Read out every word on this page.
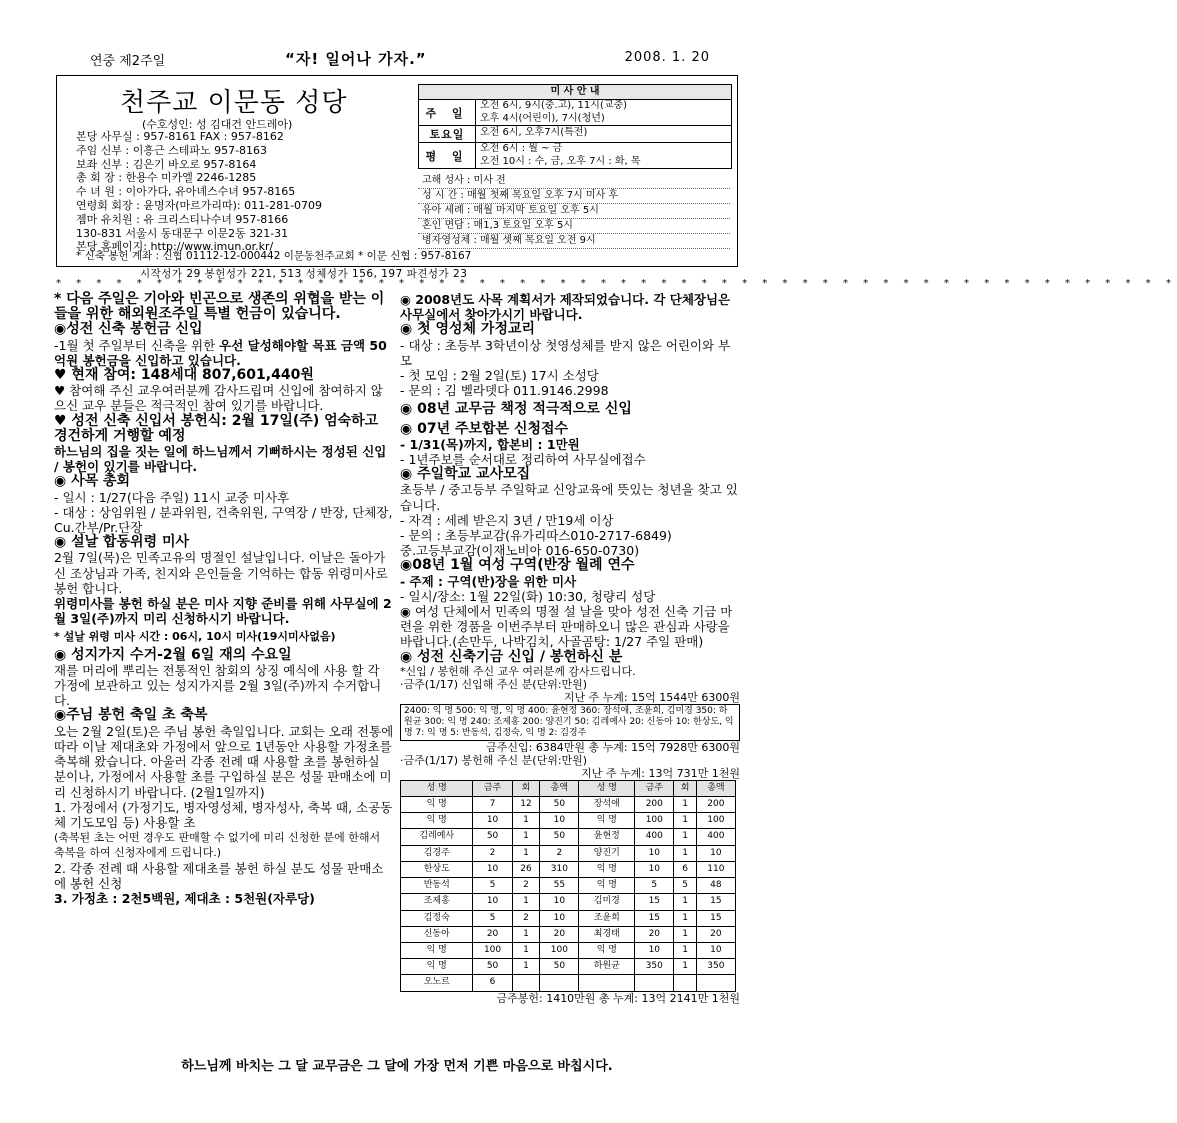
연중 제2주일	“자! 일어나 가자.”	2008. 1. 20
천주교 이문동 성당
(수호성인: 성 김대건 안드레아)
본당 사무실 : 957-8161 FAX : 957-8162
주임 신부 : 이흥근 스테파노 957-8163
보좌 신부 : 김은기 바오로 957-8164
총 회 장 : 한용수 미카엘 2246-1285
수 녀 원 : 이아가다, 유아녜스수녀 957-8165
연령회 회장 : 윤명자(마르가리따): 011-281-0709
젬마 유치원 : 유 크리스티나수녀 957-8166
130-831 서울시 동대문구 이문2동 321-31
본당 홈페이지: http://www.imun.or.kr/
미 사 안 내
주 일
오전 6시, 9시(중.고), 11시(교중)
오후 4시(어린이), 7시(청년)
토요일	오전 6시, 오후7시(특전)
평 일
오전 6시 : 월 ~ 금
오전 10시 : 수, 금, 오후 7시 : 화, 목
고해 성사 : 미사 전
성 시 간 : 매월 첫째 목요일 오후 7시 미사 후
유아 세례 : 매월 마지막 토요일 오후 5시
혼인 면담 : 매1,3 토요일 오후 5시
병자영성체 : 매월 셋째 목요일 오전 9시
* 신축 봉헌 계좌 : 신협 01112-12-000442 이문동천주교회 * 이문 신협 : 957-8167
시작성가 29 봉헌성가 221, 513 성체성가 156, 197 파견성가 23
* * * * * * * * * * * * * * * * * * * * * * * * * * * * * * * * * * * * * * * * * * * * * * * * * * * * * * * *

* 다음 주일은 기아와 빈곤으로 생존의 위협을 받는 이들을 위한 해외원조주일 특별 헌금이 있습니다.

◉성전 신축 봉헌금 신입

-1월 첫 주일부터 신축을 위한 우선 달성해야할 목표 금액 50억원 봉헌금을 신입하고 있습니다.

♥ 현재 참여: 148세대 807,601,440원

♥ 참여해 주신 교우여러분께 감사드립며 신입에 참여하지 않으신 교우 분들은 적극적인 참여 있기를 바랍니다.

♥ 성전 신축 신입서 봉헌식: 2월 17일(주) 엄숙하고 경건하게 거행할 예정

하느님의 집을 짓는 일에 하느님께서 기뻐하시는 정성된 신입 / 봉헌이 있기를 바랍니다.

◉ 사목 총회

- 일시 : 1/27(다음 주일) 11시 교중 미사후

- 대상 : 상임위원 / 분과위원, 건축위원, 구역장 / 반장, 단체장, Cu.간부/Pr.단장

◉ 설날 합동위령 미사

2월 7일(목)은 민족고유의 명절인 설날입니다. 이날은 돌아가신 조상님과 가족, 친지와 은인들을 기억하는 합동 위령미사로 봉헌 합니다.

위령미사를 봉헌 하실 분은 미사 지향 준비를 위해 사무실에 2월 3일(주)까지 미리 신청하시기 바랍니다.

* 설날 위령 미사 시간 : 06시, 10시 미사(19시미사없음)

◉ 성지가지 수거-2월 6일 재의 수요일

재를 머리에 뿌리는 전통적인 참회의 상징 예식에 사용 할 각 가정에 보관하고 있는 성지가지를 2월 3일(주)까지 수거합니다.

◉주님 봉헌 축일 초 축복

오는 2월 2일(토)은 주님 봉헌 축일입니다. 교회는 오래 전통에 따라 이날 제대초와 가정에서 앞으로 1년동안 사용할 가정초를 축복해 왔습니다. 아울러 각종 전례 때 사용할 초를 봉헌하실 분이나, 가정에서 사용할 초를 구입하실 분은 성물 판매소에 미리 신청하시기 바랍니다. (2월1일까지)

1. 가정에서 (가정기도, 병자영성체, 병자성사, 축복 때, 소공동체 기도모임 등) 사용할 초

(축복된 초는 어떤 경우도 판매할 수 없기에 미리 신청한 분에 한해서 축복을 하여 신청자에게 드립니다.)

2. 각종 전례 때 사용할 제대초를 봉헌 하실 분도 성물 판매소에 봉헌 신청

3. 가정초 : 2천5백원, 제대초 : 5천원(자루당)

◉ 2008년도 사목 계획서가 제작되었습니다. 각 단체장님은 사무실에서 찾아가시기 바랍니다.

◉ 첫 영성체 가정교리

- 대상 : 초등부 3학년이상 첫영성체를 받지 않은 어린이와 부모

- 첫 모임 : 2월 2일(토) 17시 소성당

- 문의 : 김 벨라뎃다 011.9146.2998

◉ 08년 교무금 책정 적극적으로 신입

◉ 07년 주보합본 신청접수

- 1/31(목)까지, 합본비 : 1만원

- 1년주보를 순서대로 정리하여 사무실에접수

◉ 주일학교 교사모집

초등부 / 중고등부 주일학교 신앙교육에 뜻있는 청년을 찾고 있습니다.

- 자격 : 세례 받은지 3년 / 만19세 이상

- 문의 : 초등부교감(유가리따스010-2717-6849)

중.고등부교감(이재노비아 016-650-0730)

◉08년 1월 여성 구역(반장 월례 연수

- 주제 : 구역(반)장을 위한 미사

- 일시/장소: 1월 22일(화) 10:30, 청량리 성당

◉ 여성 단체에서 민족의 명절 설 날을 맞아 성전 신축 기금 마련을 위한 경품을 이번주부터 판매하오니 많은 관심과 사랑을 바랍니다.(손만두, 나박김치, 사골곰탕: 1/27 주일 판매)

◉ 성전 신축기금 신입 / 봉헌하신 분

*신입 / 봉헌해 주신 교우 여러분께 감사드립니다.

·금주(1/17) 신입해 주신 분(단위:만원)

지난 주 누계: 15억 1544만 6300원

2400: 익 명 500: 익 명, 익 명 400: 윤현정 360: 장석애, 조윤희, 김미경 350: 하원균 300: 익 명 240: 조제홍 200: 양진기 50: 김레예사 20: 신동아 10: 한상도, 익 명 7: 익 명 5: 반동석, 김정숙, 익 명 2: 김경주

금주신입: 6384만원 총 누계: 15억 7928만 6300원

·금주(1/17) 봉헌해 주신 분(단위:만원)

지난 주 누계: 13억 731만 1천원

성 명	금주	회	총액	성 명	금주	회	총액
익 명	7	12	50	장석애	200	1	200
익 명	10	1	10	익 명	100	1	100
김레예사	50	1	50	윤현정	400	1	400
김경주	2	1	2	양진기	10	1	10
한상도	10	26	310	익 명	10	6	110
반동석	5	2	55	익 명	5	5	48
조제홍	10	1	10	김미경	15	1	15
김정숙	5	2	10	조윤희	15	1	15
신동아	20	1	20	최경태	20	1	20
익 명	100	1	100	익 명	10	1	10
익 명	50	1	50	하원균	350	1	350
오노르	6						

금주봉헌: 1410만원 총 누계: 13억 2141만 1천원

하느님께 바치는 그 달 교무금은 그 달에 가장 먼저 기쁜 마음으로 바칩시다.
